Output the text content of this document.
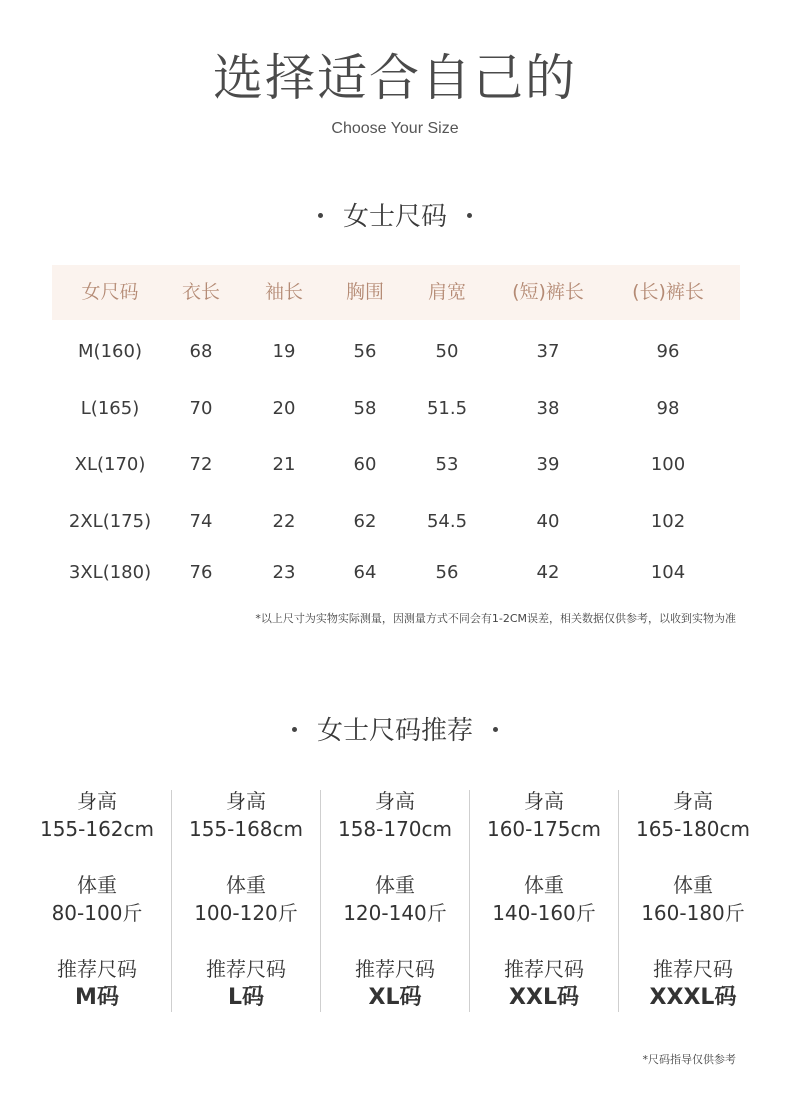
选择适合自己的
Choose Your Size
女士尺码
女尺码 衣长 袖长 胸围 肩宽 (短)裤长	(长)裤长
M(160)	68	19	56	50	37	96
L(165)	70	20	58	51.5	38	98
XL(170) 72	21	60	53	39	100
2XL(175) 74	22	62	54.5	40	102
3XL(180) 76	23	64	56	42	104
*以上尺寸为实物实际测量，因测量方式不同会有1-2CM误差，相关数据仅供参考，以收到实物为准
女士尺码推荐
身高
155-162cm
体重
80-100斤
推荐尺码
M码
身高
155-168cm
体重
100-120斤
推荐尺码
L码
身高
158-170cm
体重
120-140斤
推荐尺码
XL码
身高
160-175cm
体重
140-160斤
推荐尺码
XXL码
身高
165-180cm
体重
160-180斤
推荐尺码
XXXL码
*尺码指导仅供参考
